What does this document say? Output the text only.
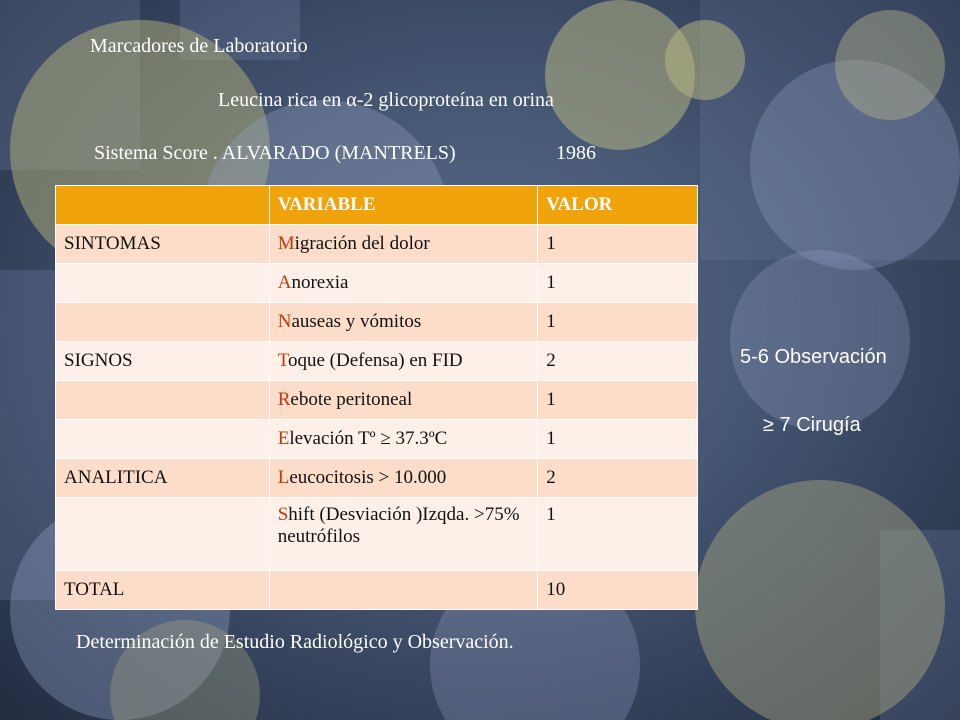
Marcadores de Laboratorio
Leucina rica en α-2 glicoproteína en orina
Sistema Score . ALVARADO (MANTRELS)	1986
	VARIABLE	VALOR
SINTOMAS	Migración del dolor	1
	Anorexia	1
	Nauseas y vómitos	1
SIGNOS	Toque (Defensa) en FID	2
	Rebote peritoneal	1
	Elevación Tº ≥ 37.3ºC	1
ANALITICA	Leucocitosis > 10.000	2
	Shift (Desviación )Izqda. >75% neutrófilos	1
TOTAL		10
5-6 Observación
≥ 7 Cirugía
Determinación de Estudio Radiológico y Observación.
